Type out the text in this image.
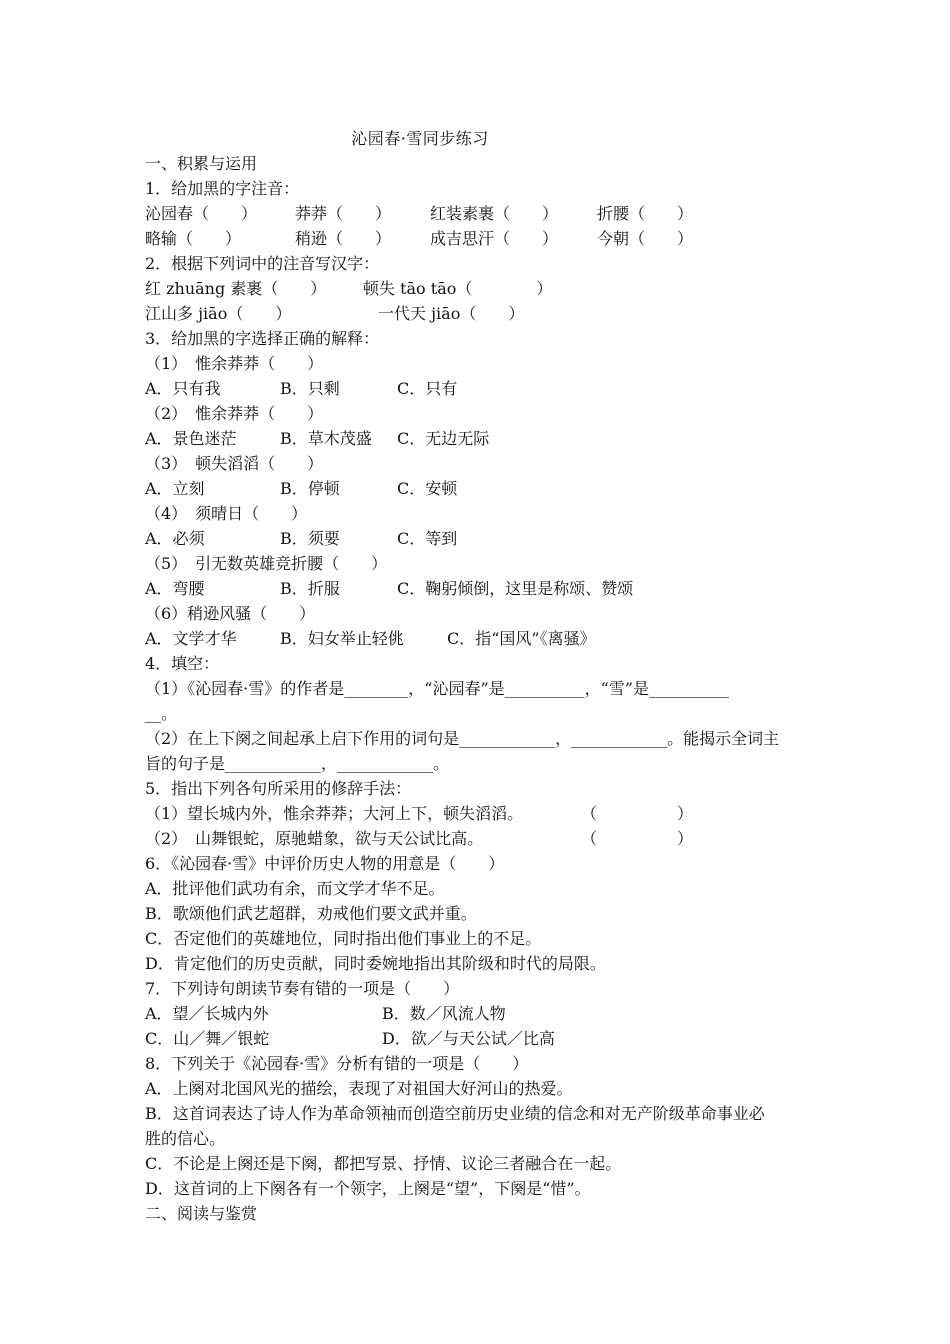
沁园春·雪同步练习
一、积累与运用
1．给加黑的字注音：
沁园春（　　）	莽莽（　　）	红装素裹（　　）	折腰（　　）
略输（　　）	稍逊（　　）	成吉思汗（　　）	今朝（　　）
2．根据下列词中的注音写汉字：
红 zhuāng 素裹（　　）	顿失 tāo tāo（　　　　）
江山多 jiāo（　　）	一代天 jiāo（　　）
3．给加黑的字选择正确的解释：
（1）　惟余莽莽（　　）
A．只有我	B．只剩	C．只有
（2）　惟余莽莽（　　）
A．景色迷茫	B．草木茂盛	C．无边无际
（3）　顿失滔滔（　　）
A．立刻	B．停顿	C．安顿
（4）　须晴日（　　）
A．必须	B．须要	C．等到
（5）　引无数英雄竞折腰（　　）
A．弯腰	B．折服	C．鞠躬倾倒，这里是称颂、赞颂
（6）稍逊风骚（　　）
A．文学才华	B．妇女举止轻佻	C．指“国风”《离骚》
4．填空：
（1）《沁园春·雪》的作者是________，“沁园春”是__________，“雪”是__________
__。
（2）在上下阕之间起承上启下作用的词句是____________，____________。能揭示全词主
旨的句子是____________，____________。
5．指出下列各句所采用的修辞手法：
（1）望长城内外，惟余莽莽；大河上下，顿失滔滔。	（　　　　　）
（2）　山舞银蛇，原驰蜡象，欲与天公试比高。	（　　　　　）
6．《沁园春·雪》中评价历史人物的用意是（　　）
A．批评他们武功有余，而文学才华不足。
B．歌颂他们武艺超群，劝戒他们要文武并重。
C．否定他们的英雄地位，同时指出他们事业上的不足。
D．肯定他们的历史贡献，同时委婉地指出其阶级和时代的局限。
7．下列诗句朗读节奏有错的一项是（　　）
A．望／长城内外	B．数／风流人物
C．山／舞／银蛇	D．欲／与天公试／比高
8．下列关于《沁园春·雪》分析有错的一项是（　　）
A．上阕对北国风光的描绘，表现了对祖国大好河山的热爱。
B．这首词表达了诗人作为革命领袖而创造空前历史业绩的信念和对无产阶级革命事业必
胜的信心。
C．不论是上阕还是下阕，都把写景、抒情、议论三者融合在一起。
D．这首词的上下阕各有一个领字，上阕是“望”，下阕是“惜”。
二、阅读与鉴赏
